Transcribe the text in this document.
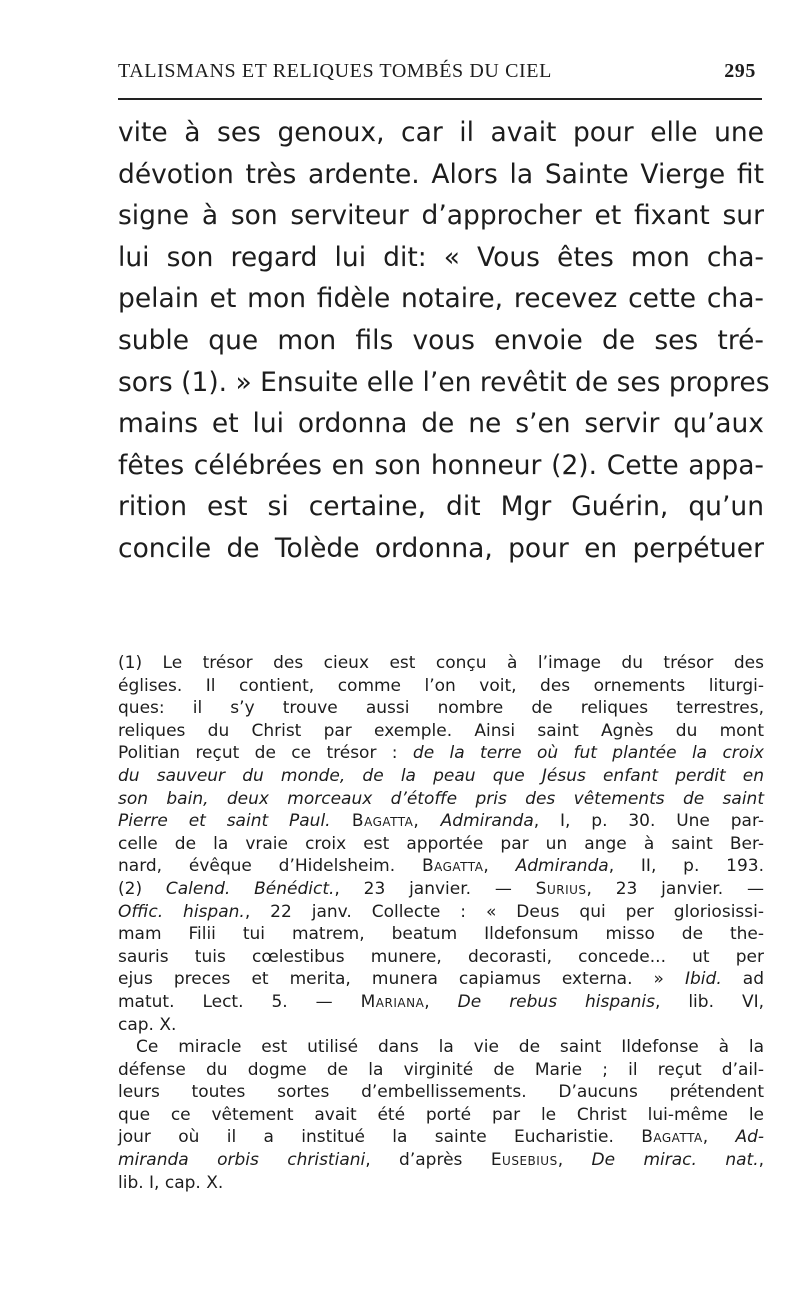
TALISMANS ET RELIQUES TOMBÉS DU CIEL	295
vite à ses genoux, car il avait pour elle une
dévotion très ardente. Alors la Sainte Vierge fit
signe à son serviteur d’approcher et fixant sur
lui son regard lui dit: « Vous êtes mon cha-
pelain et mon fidèle notaire, recevez cette cha-
suble que mon fils vous envoie de ses tré-
sors (1). » Ensuite elle l’en revêtit de ses propres
mains et lui ordonna de ne s’en servir qu’aux
fêtes célébrées en son honneur (2). Cette appa-
rition est si certaine, dit Mgr Guérin, qu’un
concile de Tolède ordonna, pour en perpétuer
(1) Le trésor des cieux est conçu à l’image du trésor des
églises. Il contient, comme l’on voit, des ornements liturgi-
ques: il s’y trouve aussi nombre de reliques terrestres,
reliques du Christ par exemple. Ainsi saint Agnès du mont
Politian reçut de ce trésor : de la terre où fut plantée la croix
du sauveur du monde, de la peau que Jésus enfant perdit en
son bain, deux morceaux d’étoffe pris des vêtements de saint
Pierre et saint Paul. Bagatta, Admiranda, I, p. 30. Une par-
celle de la vraie croix est apportée par un ange à saint Ber-
nard, évêque d’Hidelsheim. Bagatta, Admiranda, II, p. 193.
(2) Calend. Bénédict., 23 janvier. — Surius, 23 janvier. —
Offic. hispan., 22 janv. Collecte : « Deus qui per gloriosissi-
mam Filii tui matrem, beatum Ildefonsum misso de the-
sauris tuis cœlestibus munere, decorasti, concede... ut per
ejus preces et merita, munera capiamus externa. » Ibid. ad
matut. Lect. 5. — Mariana, De rebus hispanis, lib. VI,
cap. X.
Ce miracle est utilisé dans la vie de saint Ildefonse à la
défense du dogme de la virginité de Marie ; il reçut d’ail-
leurs toutes sortes d’embellissements. D’aucuns prétendent
que ce vêtement avait été porté par le Christ lui-même le
jour où il a institué la sainte Eucharistie. Bagatta, Ad-
miranda orbis christiani, d’après Eusebius, De mirac. nat.,
lib. I, cap. X.
